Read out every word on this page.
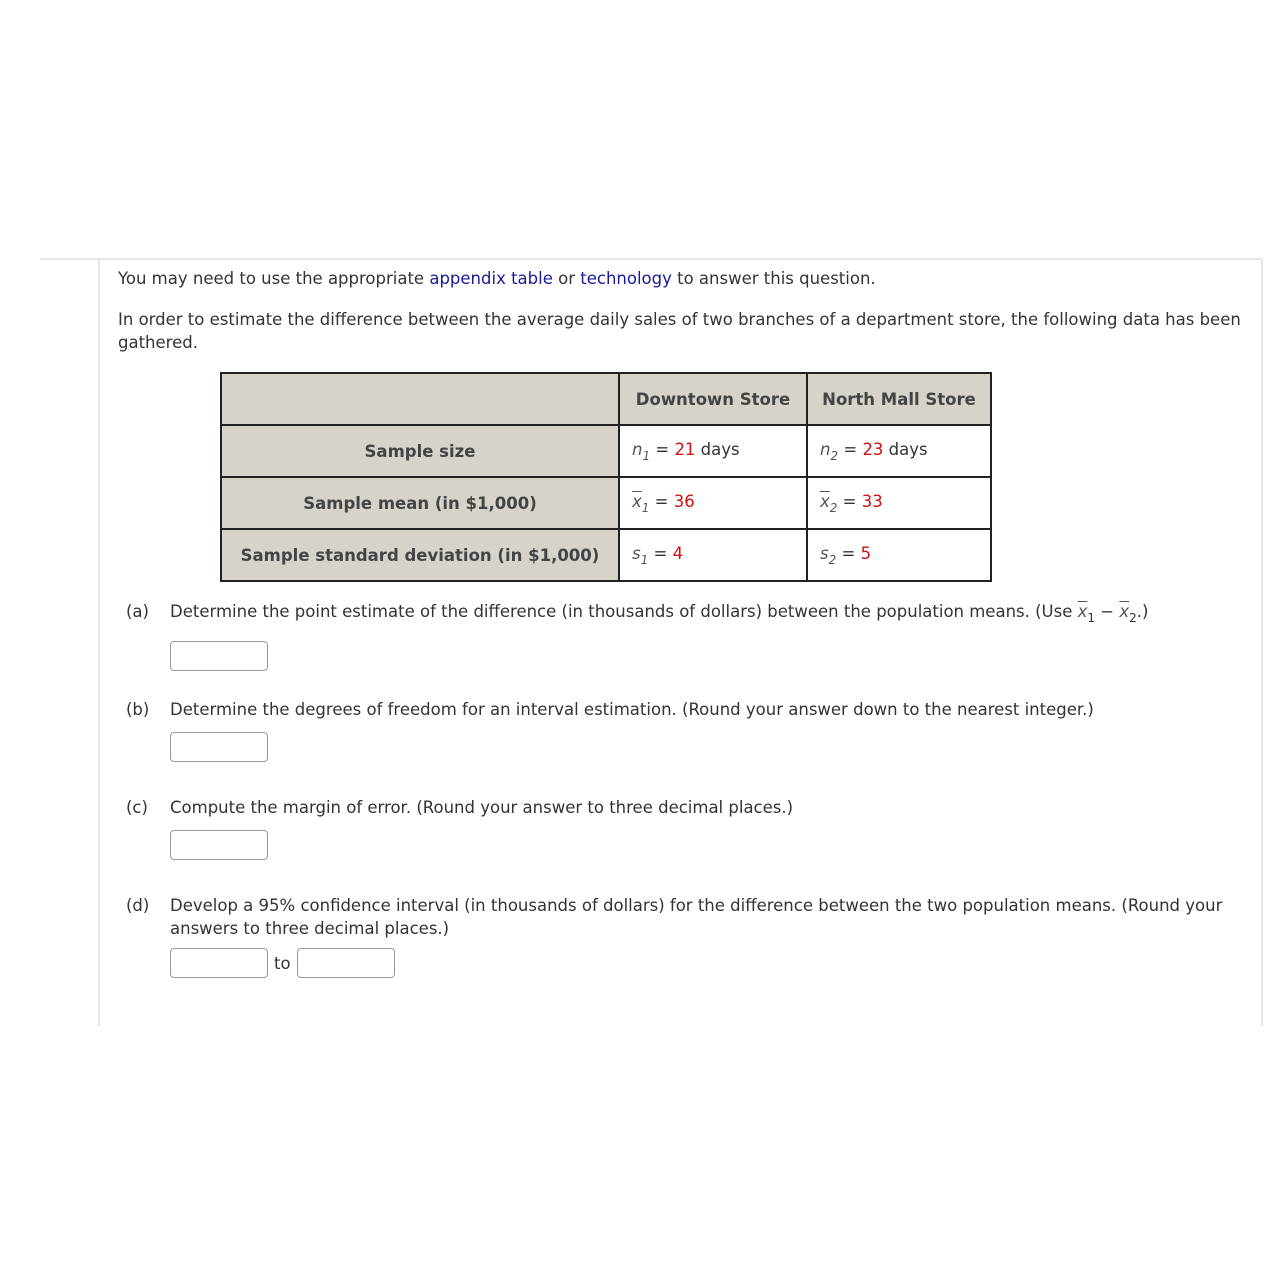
You may need to use the appropriate appendix table or technology to answer this question.

In order to estimate the difference between the average daily sales of two branches of a department store, the following data has been gathered.

	Downtown Store	North Mall Store
Sample size	$n_1 = 21$ days	$n_2 = 23$ days
Sample mean (in $1,000)	$\overline{x}_1 = 36$	$\overline{x}_2 = 33$
Sample standard deviation (in $1,000)	$s_1 = 4$	$s_2 = 5$
(a)	Determine the point estimate of the difference (in thousands of dollars) between the population means. (Use $\overline{x}_1 - \overline{x}_2$.)
(b)	Determine the degrees of freedom for an interval estimation. (Round your answer down to the nearest integer.)
(c)	Compute the margin of error. (Round your answer to three decimal places.)
(d)	Develop a 95% confidence interval (in thousands of dollars) for the difference between the two population means. (Round your answers to three decimal places.)
to
